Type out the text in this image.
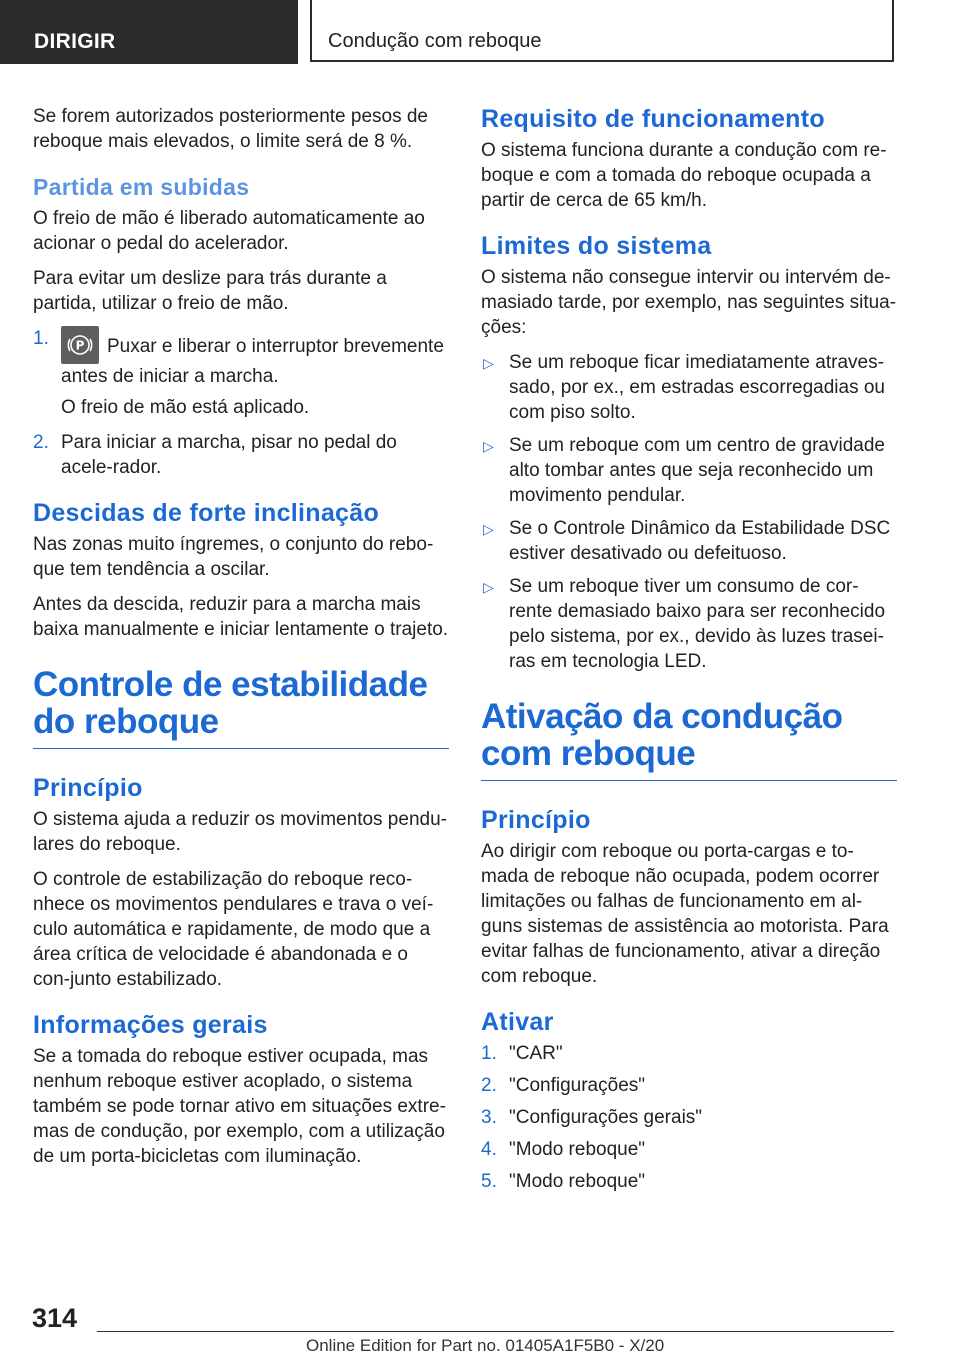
DIRIGIR	Condução com reboque

Se forem autorizados posteriormente pesos de reboque mais elevados, o limite será de 8 %.

Partida em subidas

O freio de mão é liberado automaticamente ao acionar o pedal do acelerador.

Para evitar um deslize para trás durante a partida, utilizar o freio de mão.

1. P Puxar e liberar o interruptor brevemente antes de iniciar a marcha.

O freio de mão está aplicado.

2. Para iniciar a marcha, pisar no pedal do acele-rador.

Descidas de forte inclinação

Nas zonas muito íngremes, o conjunto do rebo-que tem tendência a oscilar.

Antes da descida, reduzir para a marcha mais baixa manualmente e iniciar lentamente o trajeto.

Controle de estabilidade do reboque
Princípio

O sistema ajuda a reduzir os movimentos pendu-lares do reboque.

O controle de estabilização do reboque reco-nhece os movimentos pendulares e trava o veí-culo automática e rapidamente, de modo que a área crítica de velocidade é abandonada e o con-junto estabilizado.

Informações gerais

Se a tomada do reboque estiver ocupada, mas nenhum reboque estiver acoplado, o sistema também se pode tornar ativo em situações extre-mas de condução, por exemplo, com a utilização de um porta-bicicletas com iluminação.

Requisito de funcionamento

O sistema funciona durante a condução com re-boque e com a tomada do reboque ocupada a partir de cerca de 65 km/h.

Limites do sistema

O sistema não consegue intervir ou intervém de-masiado tarde, por exemplo, nas seguintes situa-ções:

▷ Se um reboque ficar imediatamente atraves-sado, por ex., em estradas escorregadias ou com piso solto.

▷ Se um reboque com um centro de gravidade alto tombar antes que seja reconhecido um movimento pendular.

▷ Se o Controle Dinâmico da Estabilidade DSC estiver desativado ou defeituoso.

▷ Se um reboque tiver um consumo de cor-rente demasiado baixo para ser reconhecido pelo sistema, por ex., devido às luzes trasei-ras em tecnologia LED.

Ativação da condução com reboque
Princípio

Ao dirigir com reboque ou porta-cargas e to-mada de reboque não ocupada, podem ocorrer limitações ou falhas de funcionamento em al-guns sistemas de assistência ao motorista. Para evitar falhas de funcionamento, ativar a direção com reboque.

Ativar
1. "CAR"

2. "Configurações"

3. "Configurações gerais"

4. "Modo reboque"

5. "Modo reboque"

314
Online Edition for Part no. 01405A1F5B0 - X/20
